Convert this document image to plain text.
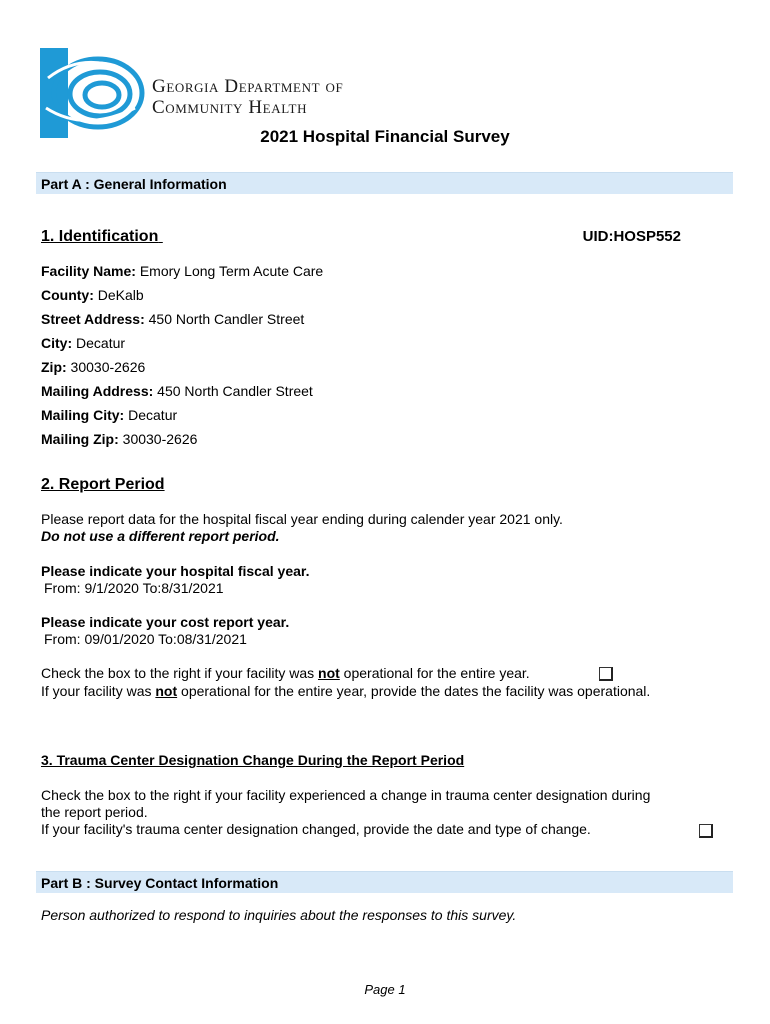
Georgia Department of
Community Health
2021 Hospital Financial Survey
Part A : General Information
1. Identification	UID:HOSP552
Facility Name: Emory Long Term Acute Care
County: DeKalb
Street Address: 450 North Candler Street
City: Decatur
Zip: 30030-2626
Mailing Address: 450 North Candler Street
Mailing City: Decatur
Mailing Zip: 30030-2626
2. Report Period
Please report data for the hospital fiscal year ending during calender year 2021 only.
Do not use a different report period.
Please indicate your hospital fiscal year.
From: 9/1/2020 To:8/31/2021
Please indicate your cost report year.
From: 09/01/2020 To:08/31/2021
Check the box to the right if your facility was not operational for the entire year.
If your facility was not operational for the entire year, provide the dates the facility was operational.
3. Trauma Center Designation Change During the Report Period
Check the box to the right if your facility experienced a change in trauma center designation during
the report period.
If your facility's trauma center designation changed, provide the date and type of change.
Part B : Survey Contact Information
Person authorized to respond to inquiries about the responses to this survey.
Page 1
